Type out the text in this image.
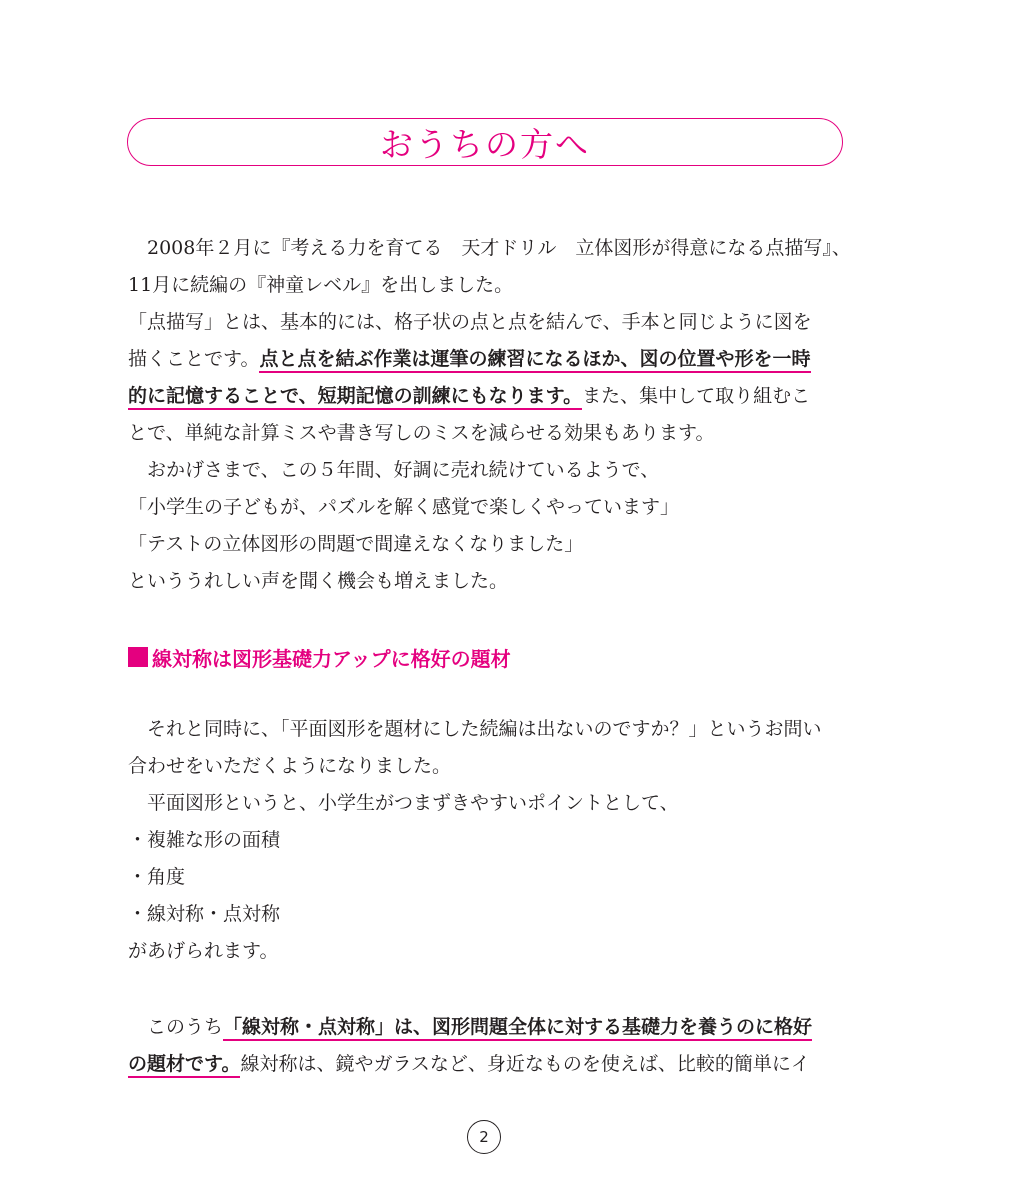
おうちの方へ
　2008年２月に『考える力を育てる　天才ドリル　立体図形が得意になる点描写』、
11月に続編の『神童レベル』を出しました。
「点描写」とは、基本的には、格子状の点と点を結んで、手本と同じように図を
描くことです。点と点を結ぶ作業は運筆の練習になるほか、図の位置や形を一時
的に記憶することで、短期記憶の訓練にもなります。また、集中して取り組むこ
とで、単純な計算ミスや書き写しのミスを減らせる効果もあります。
　おかげさまで、この５年間、好調に売れ続けているようで、
「小学生の子どもが、パズルを解く感覚で楽しくやっています」
「テストの立体図形の問題で間違えなくなりました」
といううれしい声を聞く機会も増えました。
線対称は図形基礎力アップに格好の題材
　それと同時に、「平面図形を題材にした続編は出ないのですか？」というお問い
合わせをいただくようになりました。
　平面図形というと、小学生がつまずきやすいポイントとして、
・複雑な形の面積
・角度
・線対称・点対称
があげられます。
　このうち「線対称・点対称」は、図形問題全体に対する基礎力を養うのに格好
の題材です。線対称は、鏡やガラスなど、身近なものを使えば、比較的簡単にイ
2
